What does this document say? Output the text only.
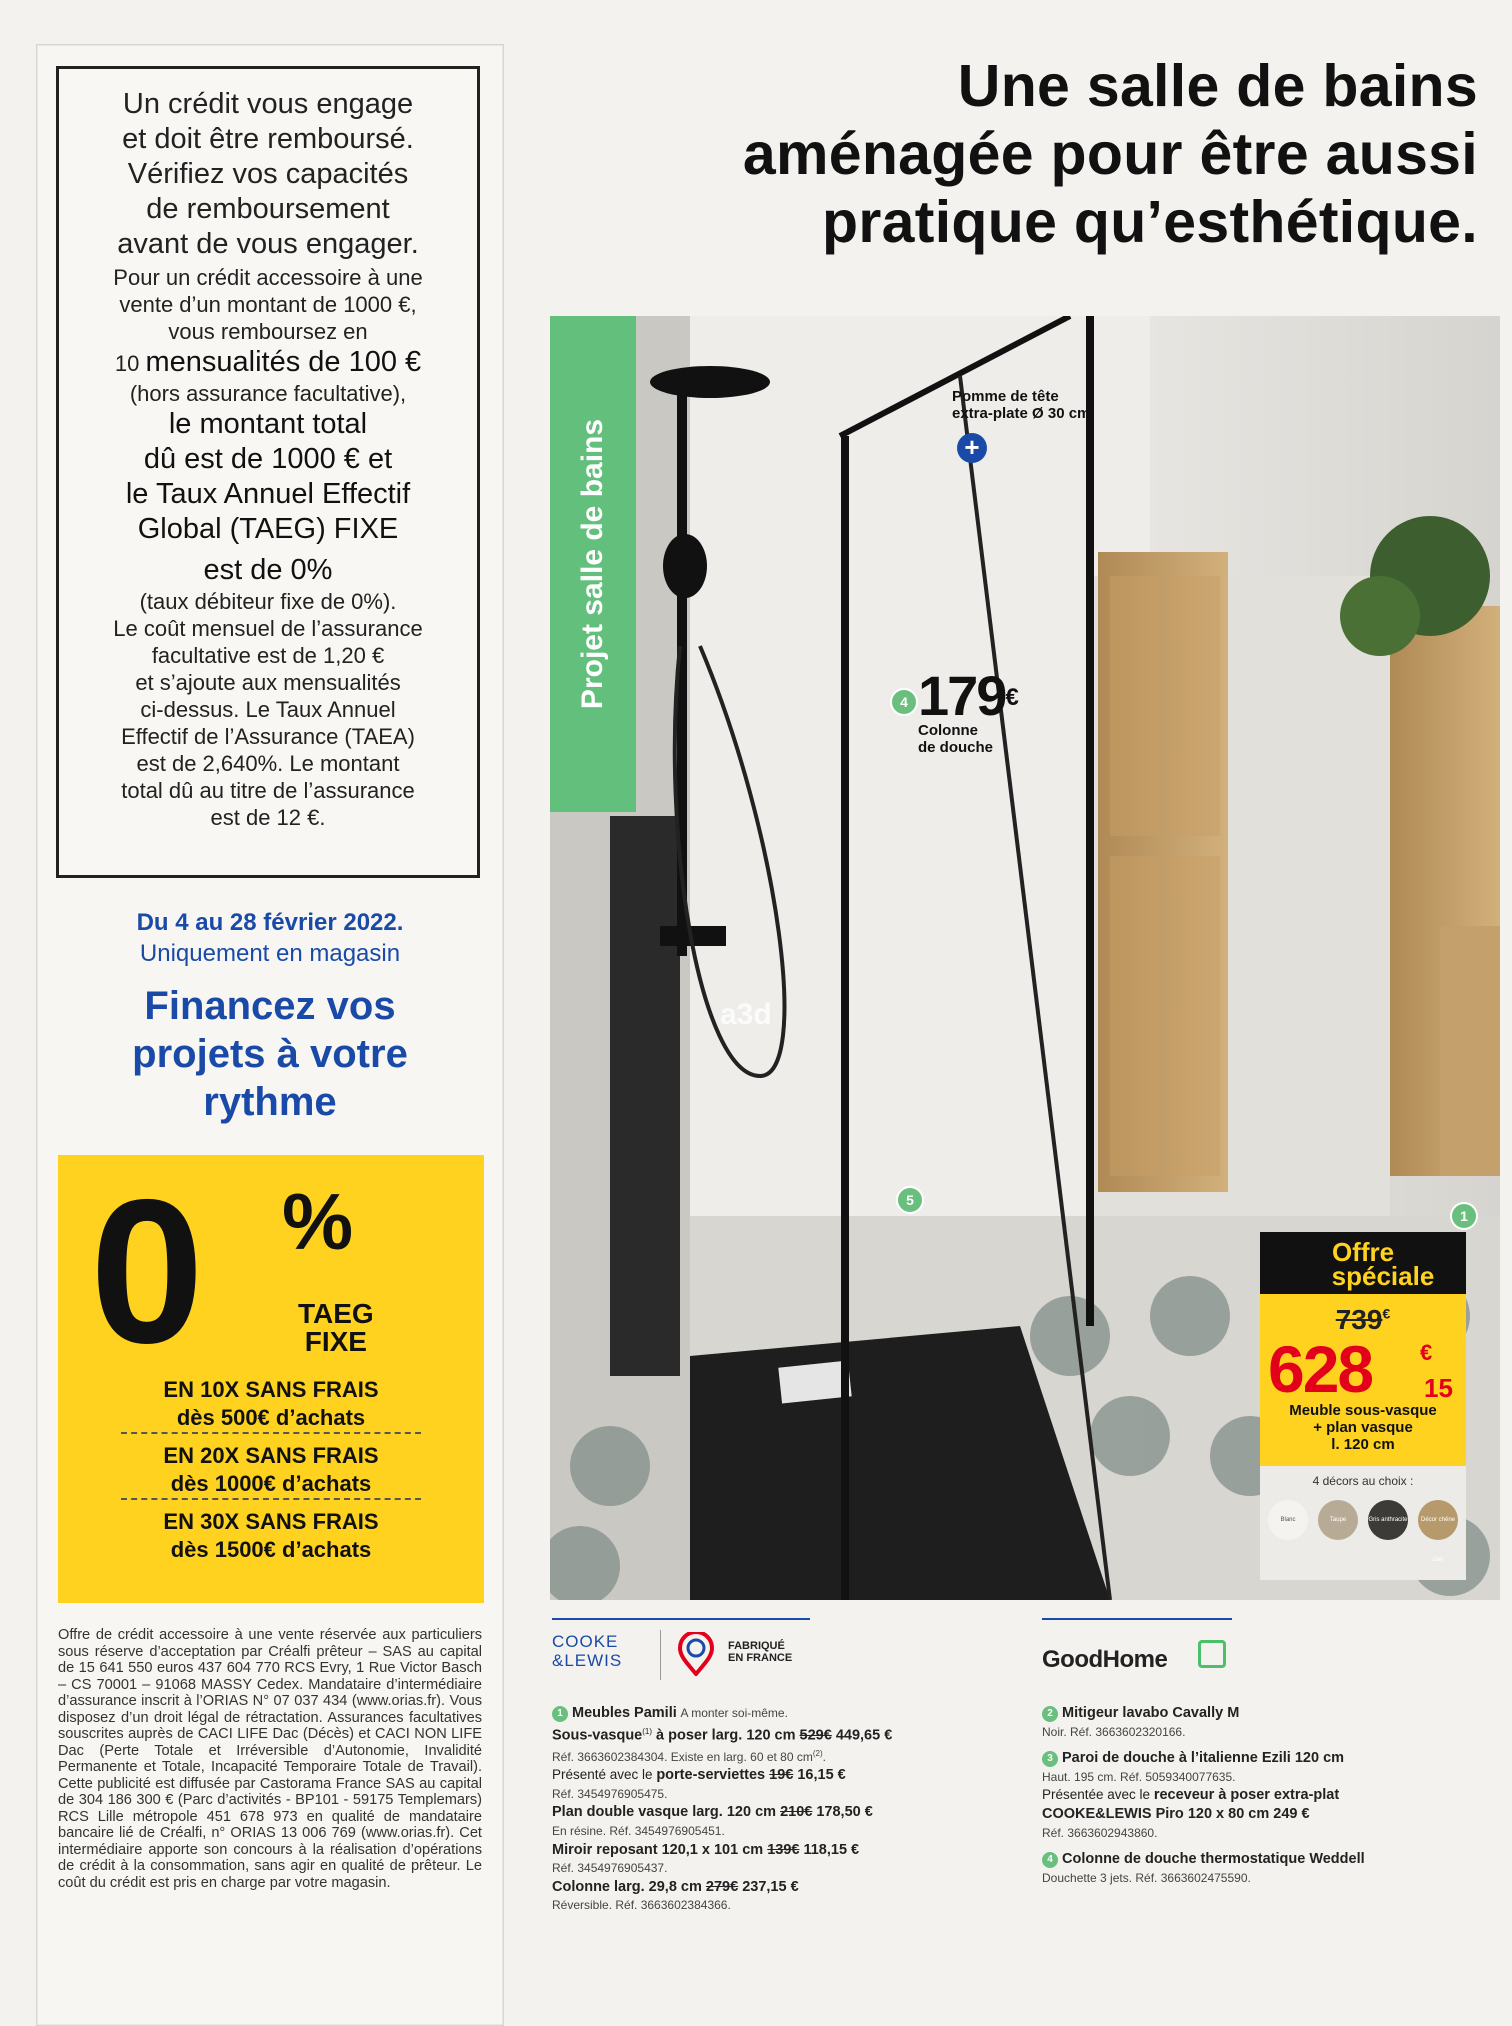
Un crédit vous engage
et doit être remboursé.
Vérifiez vos capacités
de remboursement
avant de vous engager.
Pour un crédit accessoire à une
vente d’un montant de 1000 €,
vous remboursez en
10 mensualités de 100 €
(hors assurance facultative),
le montant total
dû est de 1000 € et
le Taux Annuel Effectif
Global (TAEG) FIXE
est de 0%
(taux débiteur fixe de 0%).
Le coût mensuel de l’assurance
facultative est de 1,20 €
et s’ajoute aux mensualités
ci-dessus. Le Taux Annuel
Effectif de l’Assurance (TAEA)
est de 2,640%. Le montant
total dû au titre de l’assurance
est de 12 €.
Du 4 au 28 février 2022.
Uniquement en magasin
Financez vos
projets à votre
rythme
0 %
TAEG
FIXE
EN 10X SANS FRAIS
dès 500€ d’achats
EN 20X SANS FRAIS
dès 1000€ d’achats
EN 30X SANS FRAIS
dès 1500€ d’achats
Offre de crédit accessoire à une vente réservée aux particuliers sous réserve d’acceptation par Créalfi prêteur – SAS au capital de 15 641 550 euros 437 604 770 RCS Evry, 1 Rue Victor Basch – CS 70001 – 91068 MASSY Cedex. Mandataire d’intermédiaire d’assurance inscrit à l’ORIAS N° 07 037 434 (www.orias.fr). Vous disposez d’un droit légal de rétractation. Assurances facultatives souscrites auprès de CACI LIFE Dac (Décès) et CACI NON LIFE Dac (Perte Totale et Irréversible d’Autonomie, Invalidité Permanente et Totale, Incapacité Temporaire Totale de Travail). Cette publicité est diffusée par Castorama France SAS au capital de 304 186 300 € (Parc d’activités - BP101 - 59175 Templemars) RCS Lille métropole 451 678 973 en qualité de mandataire bancaire lié de Créalfi, n° ORIAS 13 006 769 (www.orias.fr). Cet intermédiaire apporte son concours à la réalisation d’opérations de crédit à la consommation, sans agir en qualité de prêteur. Le coût du crédit est pris en charge par votre magasin.
Une salle de bains
aménagée pour être aussi
pratique qu’esthétique.
Projet salle de bains
Pomme de tête
extra-plate Ø 30 cm
+
4 179€
Colonne
de douche
a3d
5
1
Offre
spéciale
739€
628	€
15
Meuble sous-vasque
+ plan vasque
l. 120 cm
4 décors au choix :
Blanc	Taupe	Gris anthracite	Décor chêne clair
COOKE
&LEWIS
FABRIQUÉ
EN FRANCE	GoodHome

1 Meubles Pamili A monter soi-même.

Sous-vasque$^{(1)}$ à poser larg. 120 cm 529€ 449,65 €

Réf. 3663602384304. Existe en larg. 60 et 80 $cm^{(2)}$.

Présenté avec le porte-serviettes 19€ 16,15 €

Réf. 3454976905475.

Plan double vasque larg. 120 cm 210€ 178,50 €

En résine. Réf. 3454976905451.

Miroir reposant 120,1 x 101 cm 139€ 118,15 €

Réf. 3454976905437.

Colonne larg. 29,8 cm 279€ 237,15 €

Réversible. Réf. 3663602384366.

2 Mitigeur lavabo Cavally M

Noir. Réf. 3663602320166.

3 Paroi de douche à l’italienne Ezili 120 cm

Haut. 195 cm. Réf. 5059340077635.

Présentée avec le receveur à poser extra-plat

COOKE&LEWIS Piro 120 x 80 cm 249 €

Réf. 3663602943860.

4 Colonne de douche thermostatique Weddell

Douchette 3 jets. Réf. 3663602475590.
